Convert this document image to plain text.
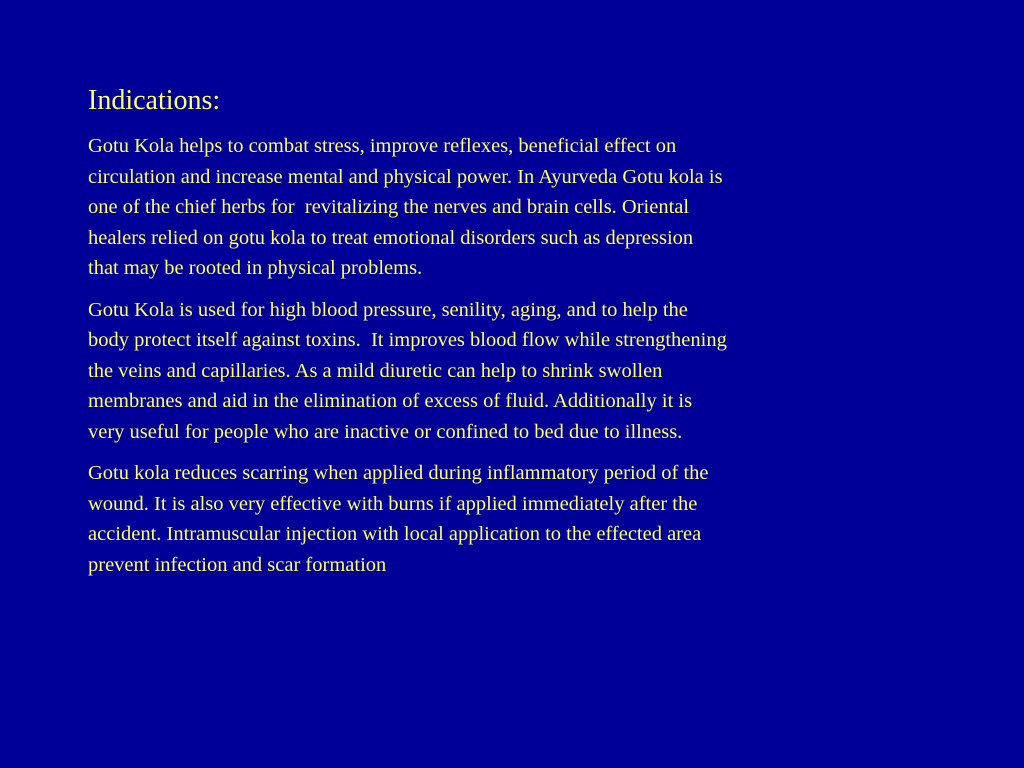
Indications:

Gotu Kola helps to combat stress, improve reflexes, beneficial effect on
circulation and increase mental and physical power. In Ayurveda Gotu kola is
one of the chief herbs for  revitalizing the nerves and brain cells. Oriental
healers relied on gotu kola to treat emotional disorders such as depression
that may be rooted in physical problems.

Gotu Kola is used for high blood pressure, senility, aging, and to help the
body protect itself against toxins.  It improves blood flow while strengthening
the veins and capillaries. As a mild diuretic can help to shrink swollen
membranes and aid in the elimination of excess of fluid. Additionally it is
very useful for people who are inactive or confined to bed due to illness.

Gotu kola reduces scarring when applied during inflammatory period of the
wound. It is also very effective with burns if applied immediately after the
accident. Intramuscular injection with local application to the effected area
prevent infection and scar formation
